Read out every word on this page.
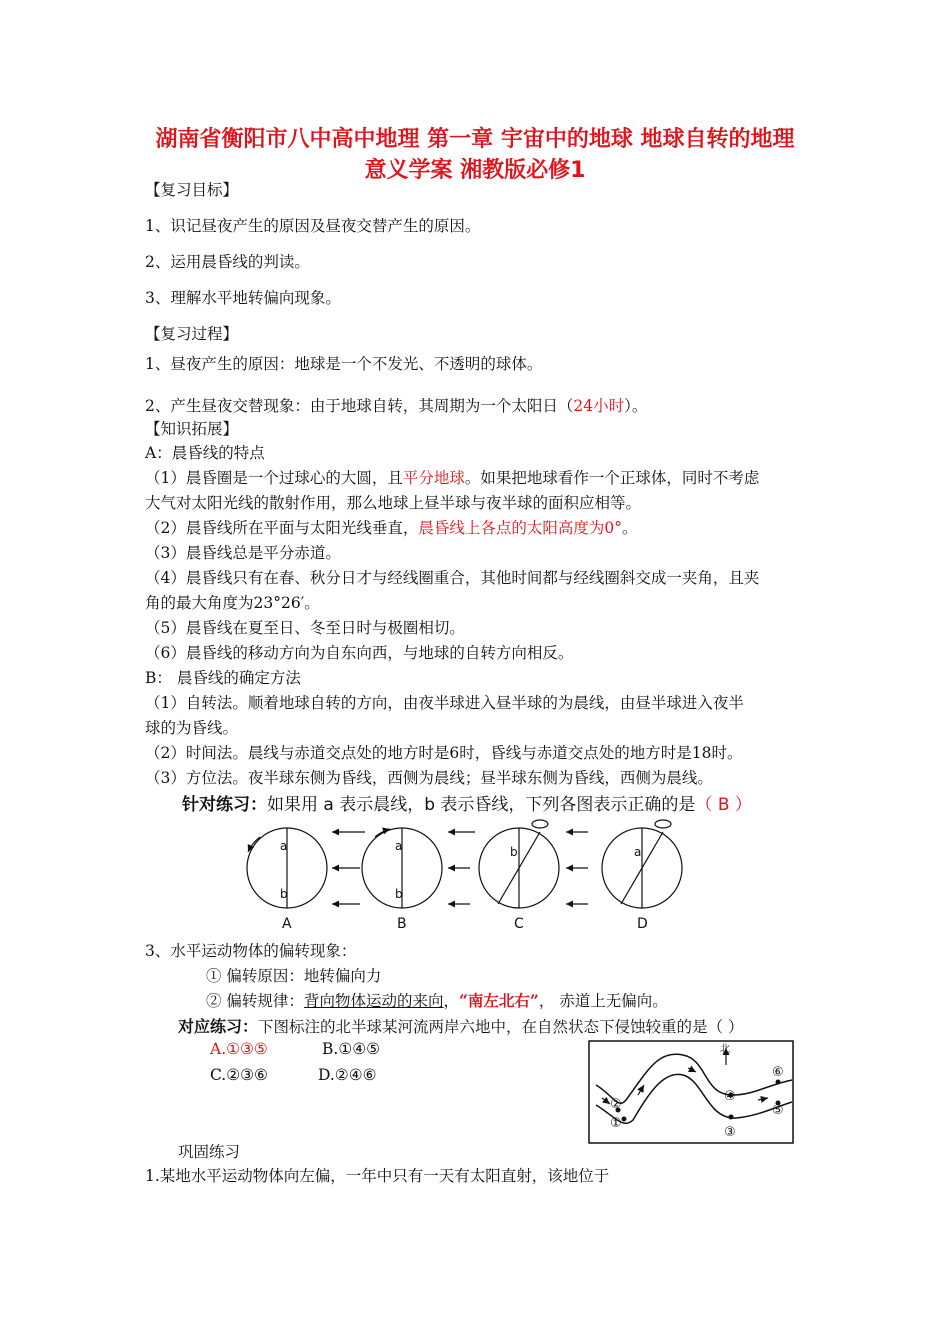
湖南省衡阳市八中高中地理 第一章 宇宙中的地球 地球自转的地理
意义学案 湘教版必修1
【复习目标】
1、识记昼夜产生的原因及昼夜交替产生的原因。
2、运用晨昏线的判读。
3、理解水平地转偏向现象。
【复习过程】
1、昼夜产生的原因：地球是一个不发光、不透明的球体。
2、产生昼夜交替现象：由于地球自转，其周期为一个太阳日（24小时）。
【知识拓展】
A：晨昏线的特点
（1）晨昏圈是一个过球心的大圆，且平分地球。如果把地球看作一个正球体，同时不考虑
大气对太阳光线的散射作用，那么地球上昼半球与夜半球的面积应相等。
（2）晨昏线所在平面与太阳光线垂直，晨昏线上各点的太阳高度为0°。
（3）晨昏线总是平分赤道。
（4）晨昏线只有在春、秋分日才与经线圈重合，其他时间都与经线圈斜交成一夹角，且夹
角的最大角度为23°26′。
（5）晨昏线在夏至日、冬至日时与极圈相切。
（6）晨昏线的移动方向为自东向西，与地球的自转方向相反。
B： 晨昏线的确定方法
（1）自转法。顺着地球自转的方向，由夜半球进入昼半球的为晨线，由昼半球进入夜半
球的为昏线。
（2）时间法。晨线与赤道交点处的地方时是6时，昏线与赤道交点处的地方时是18时。
（3）方位法。夜半球东侧为昏线，西侧为晨线；昼半球东侧为昏线，西侧为晨线。
针对练习：如果用 a 表示晨线，b 表示昏线，下列各图表示正确的是（ B ）
a
b
a
b
b	a
A	B	C	D
3、水平运动物体的偏转现象：
① 偏转原因：地转偏向力
② 偏转规律：背向物体运动的来向，“南左北右”， 赤道上无偏向。
对应练习：下图标注的北半球某河流两岸六地中，在自然状态下侵蚀较重的是（ ）
A.①③⑤	B.①④⑤
C.②③⑥	D.②④⑥
北
①
②
③
④
⑤
⑥
巩固练习
1.某地水平运动物体向左偏，一年中只有一天有太阳直射，该地位于
